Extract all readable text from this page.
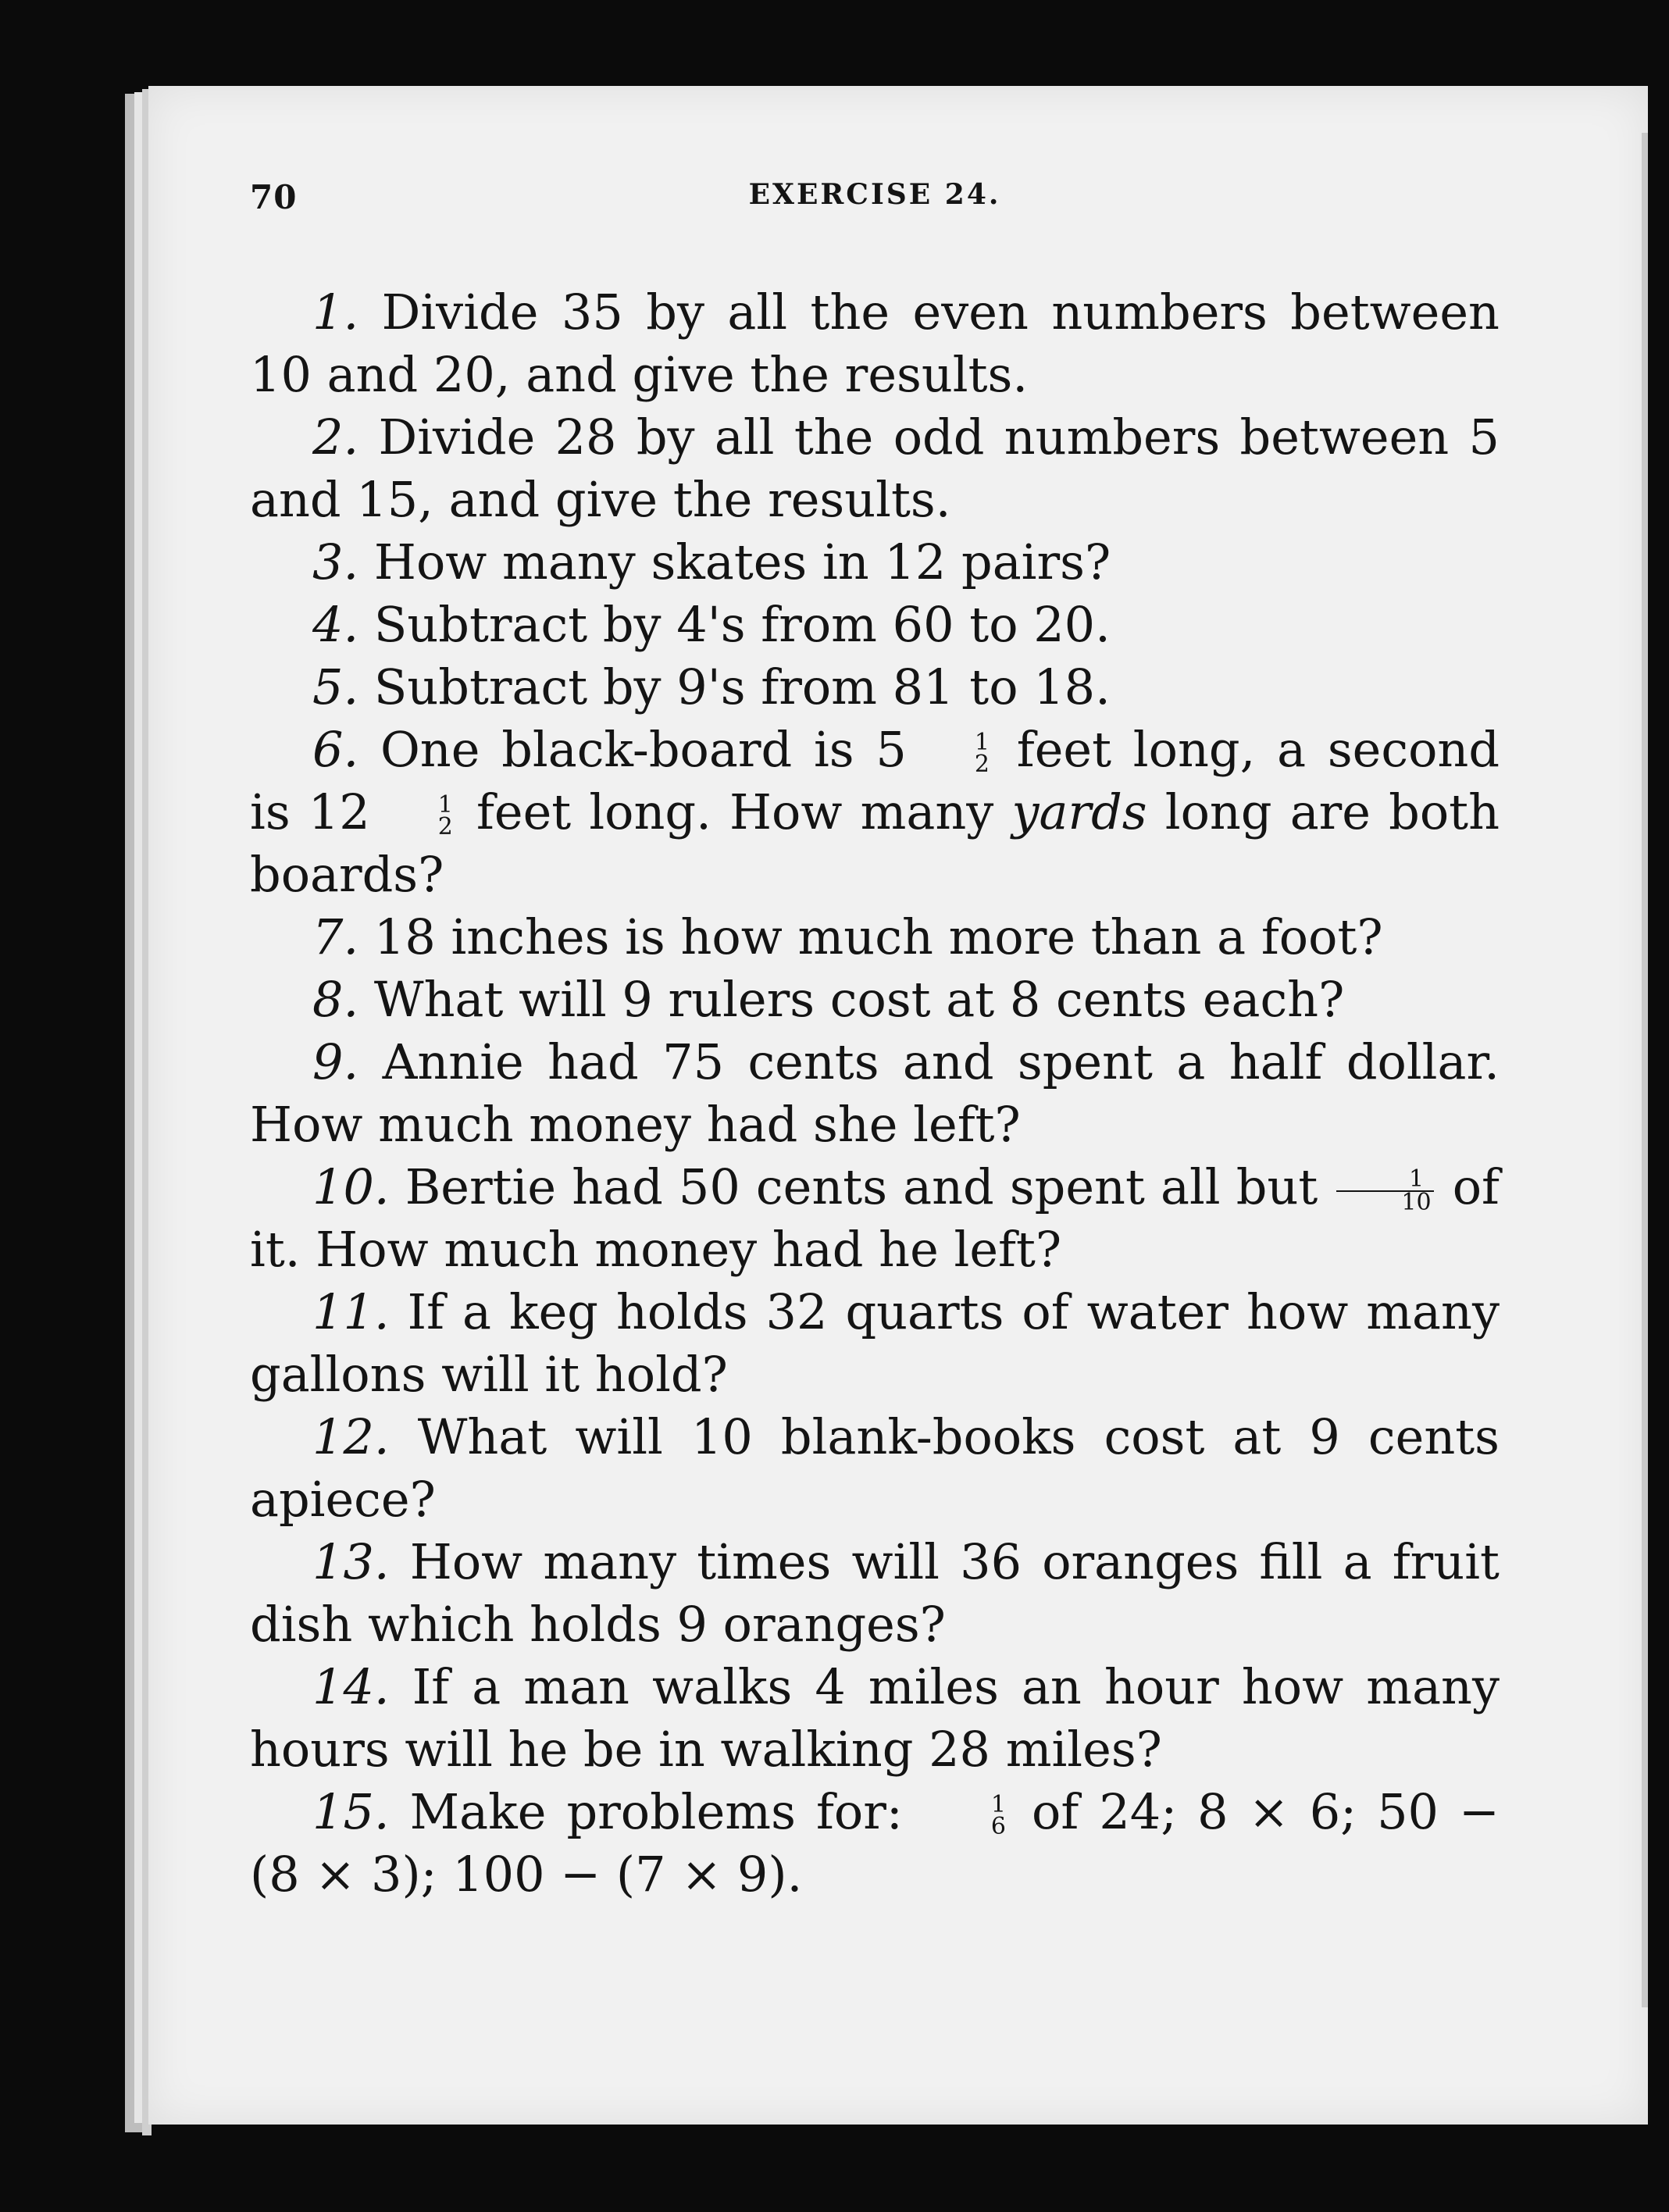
70	EXERCISE 24.

1. Divide 35 by all the even numbers between 10 and 20, and give the results.

2. Divide 28 by all the odd numbers between 5 and 15, and give the results.

3. How many skates in 12 pairs?

4. Subtract by 4's from 60 to 20.

5. Subtract by 9's from 81 to 18.

6. One black-board is 5	1
2 feet long, a second is 12	1
2 feet long. How many yards long are both boards?

7. 18 inches is how much more than a foot?

8. What will 9 rulers cost at 8 cents each?

9. Annie had 75 cents and spent a half dollar. How much money had she left?

10. Bertie had 50 cents and spent all but $\frac{1}{10}$ of it. How much money had he left?

11. If a keg holds 32 quarts of water how many gallons will it hold?

12. What will 10 blank-books cost at 9 cents apiece?

13. How many times will 36 oranges fill a fruit dish which holds 9 oranges?

14. If a man walks 4 miles an hour how many hours will he be in walking 28 miles?

15. Make problems for:	1
6 of 24; 8 × 6; 50 − (8 × 3); 100 − (7 × 9).
